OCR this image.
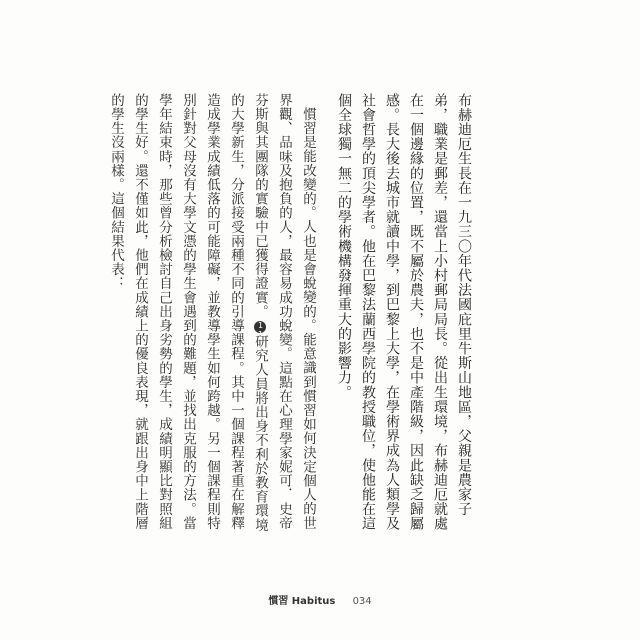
布赫迪厄生長在一九三〇年代法國庇里牛斯山地區，父親是農家子弟，職業是郵差，還當上小村郵局局長。從出生環境，布赫迪厄就處在一個邊緣的位置，既不屬於農夫，也不是中產階級，因此缺乏歸屬感。長大後去城市就讀中學，到巴黎上大學，在學術界成為人類學及社會哲學的頂尖學者。他在巴黎法蘭西學院的教授職位，使他能在這個全球獨一無二的學術機構發揮重大的影響力。

慣習是能改變的。人也是會蛻變的。能意識到慣習如何決定個人的世界觀、品味及抱負的人，最容易成功蛻變。這點在心理學家妮可．史帝芬斯與其團隊的實驗中已獲得證實。11研究人員將出身不利於教育環境的大學新生，分派接受兩種不同的引導課程。其中一個課程著重在解釋造成學業成績低落的可能障礙，並教導學生如何跨越。另一個課程則特別針對父母沒有大學文憑的學生會遇到的難題，並找出克服的方法。當學年結束時，那些曾分析檢討自己出身劣勢的學生，成績明顯比對照組的學生好。還不僅如此，他們在成績上的優良表現，就跟出身中上階層的學生沒兩樣。這個結果代表：

慣習 Habitus 034
